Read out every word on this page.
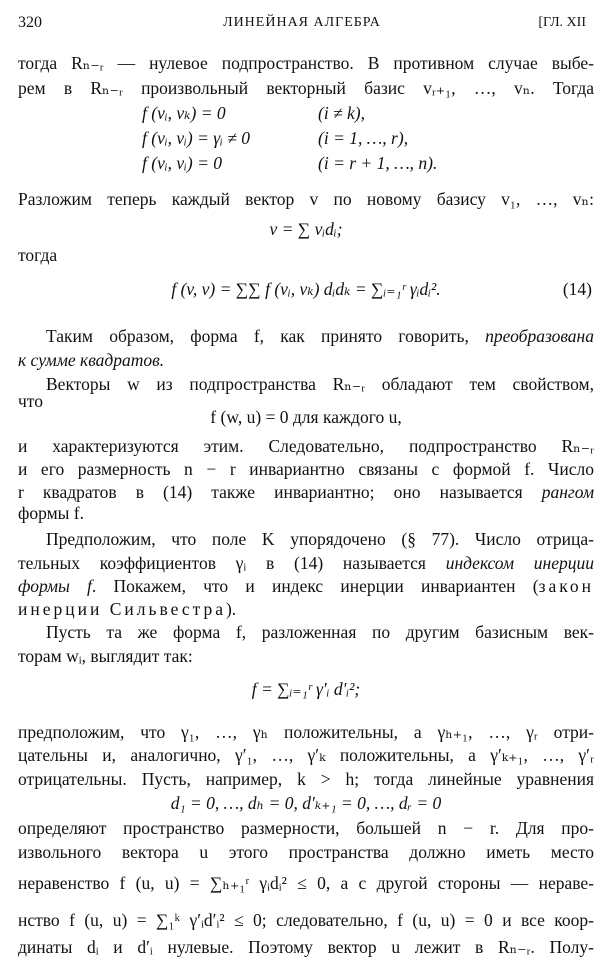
320	ЛИНЕЙНАЯ АЛГЕБРА	[ГЛ. XII
тогда Rₙ₋ᵣ — нулевое подпространство. В противном случае выбе-
рем в Rₙ₋ᵣ произвольный векторный базис vᵣ₊₁, …, vₙ. Тогда
f (vᵢ, vₖ) = 0	(i ≠ k),
f (vᵢ, vᵢ) = γᵢ ≠ 0	(i = 1, …, r),
f (vᵢ, vᵢ) = 0	(i = r + 1, …, n).
Разложим теперь каждый вектор v по новому базису v₁, …, vₙ:
v = ∑ vᵢdᵢ;
тогда
f (v, v) = ∑∑ f (vᵢ, vₖ) dᵢdₖ = ∑ᵢ₌₁ʳ γᵢdᵢ².	(14)
Таким образом, форма f, как принято говорить, преобразована
к сумме квадратов.
Векторы w из подпространства Rₙ₋ᵣ обладают тем свойством,
что
f (w, u) = 0 для каждого u,
и характеризуются этим. Следовательно, подпространство Rₙ₋ᵣ
и его размерность n − r инвариантно связаны с формой f. Число
r квадратов в (14) также инвариантно; оно называется рангом
формы f.
Предположим, что поле K упорядочено (§ 77). Число отрица-
тельных коэффициентов γᵢ в (14) называется индексом инерции
формы f. Покажем, что и индекс инерции инвариантен (закон
инерции Сильвестра).
Пусть та же форма f, разложенная по другим базисным век-
торам wᵢ, выглядит так:
f = ∑ᵢ₌₁ʳ γ′ᵢ d′ᵢ²;
предположим, что γ₁, …, γₕ положительны, а γₕ₊₁, …, γᵣ отри-
цательны и, аналогично, γ′₁, …, γ′ₖ положительны, а γ′ₖ₊₁, …, γ′ᵣ
отрицательны. Пусть, например, k > h; тогда линейные уравнения
d₁ = 0, …, dₕ = 0, d′ₖ₊₁ = 0, …, dᵣ = 0
определяют пространство размерности, большей n − r. Для про-
извольного вектора u этого пространства должно иметь место
неравенство f (u, u) = ∑ₕ₊₁ʳ γᵢdᵢ² ≤ 0, а с другой стороны — нераве-
нство f (u, u) = ∑₁ᵏ γ′ᵢd′ᵢ² ≤ 0; следовательно, f (u, u) = 0 и все коор-
динаты dᵢ и d′ᵢ нулевые. Поэтому вектор u лежит в Rₙ₋ᵣ. Полу-
